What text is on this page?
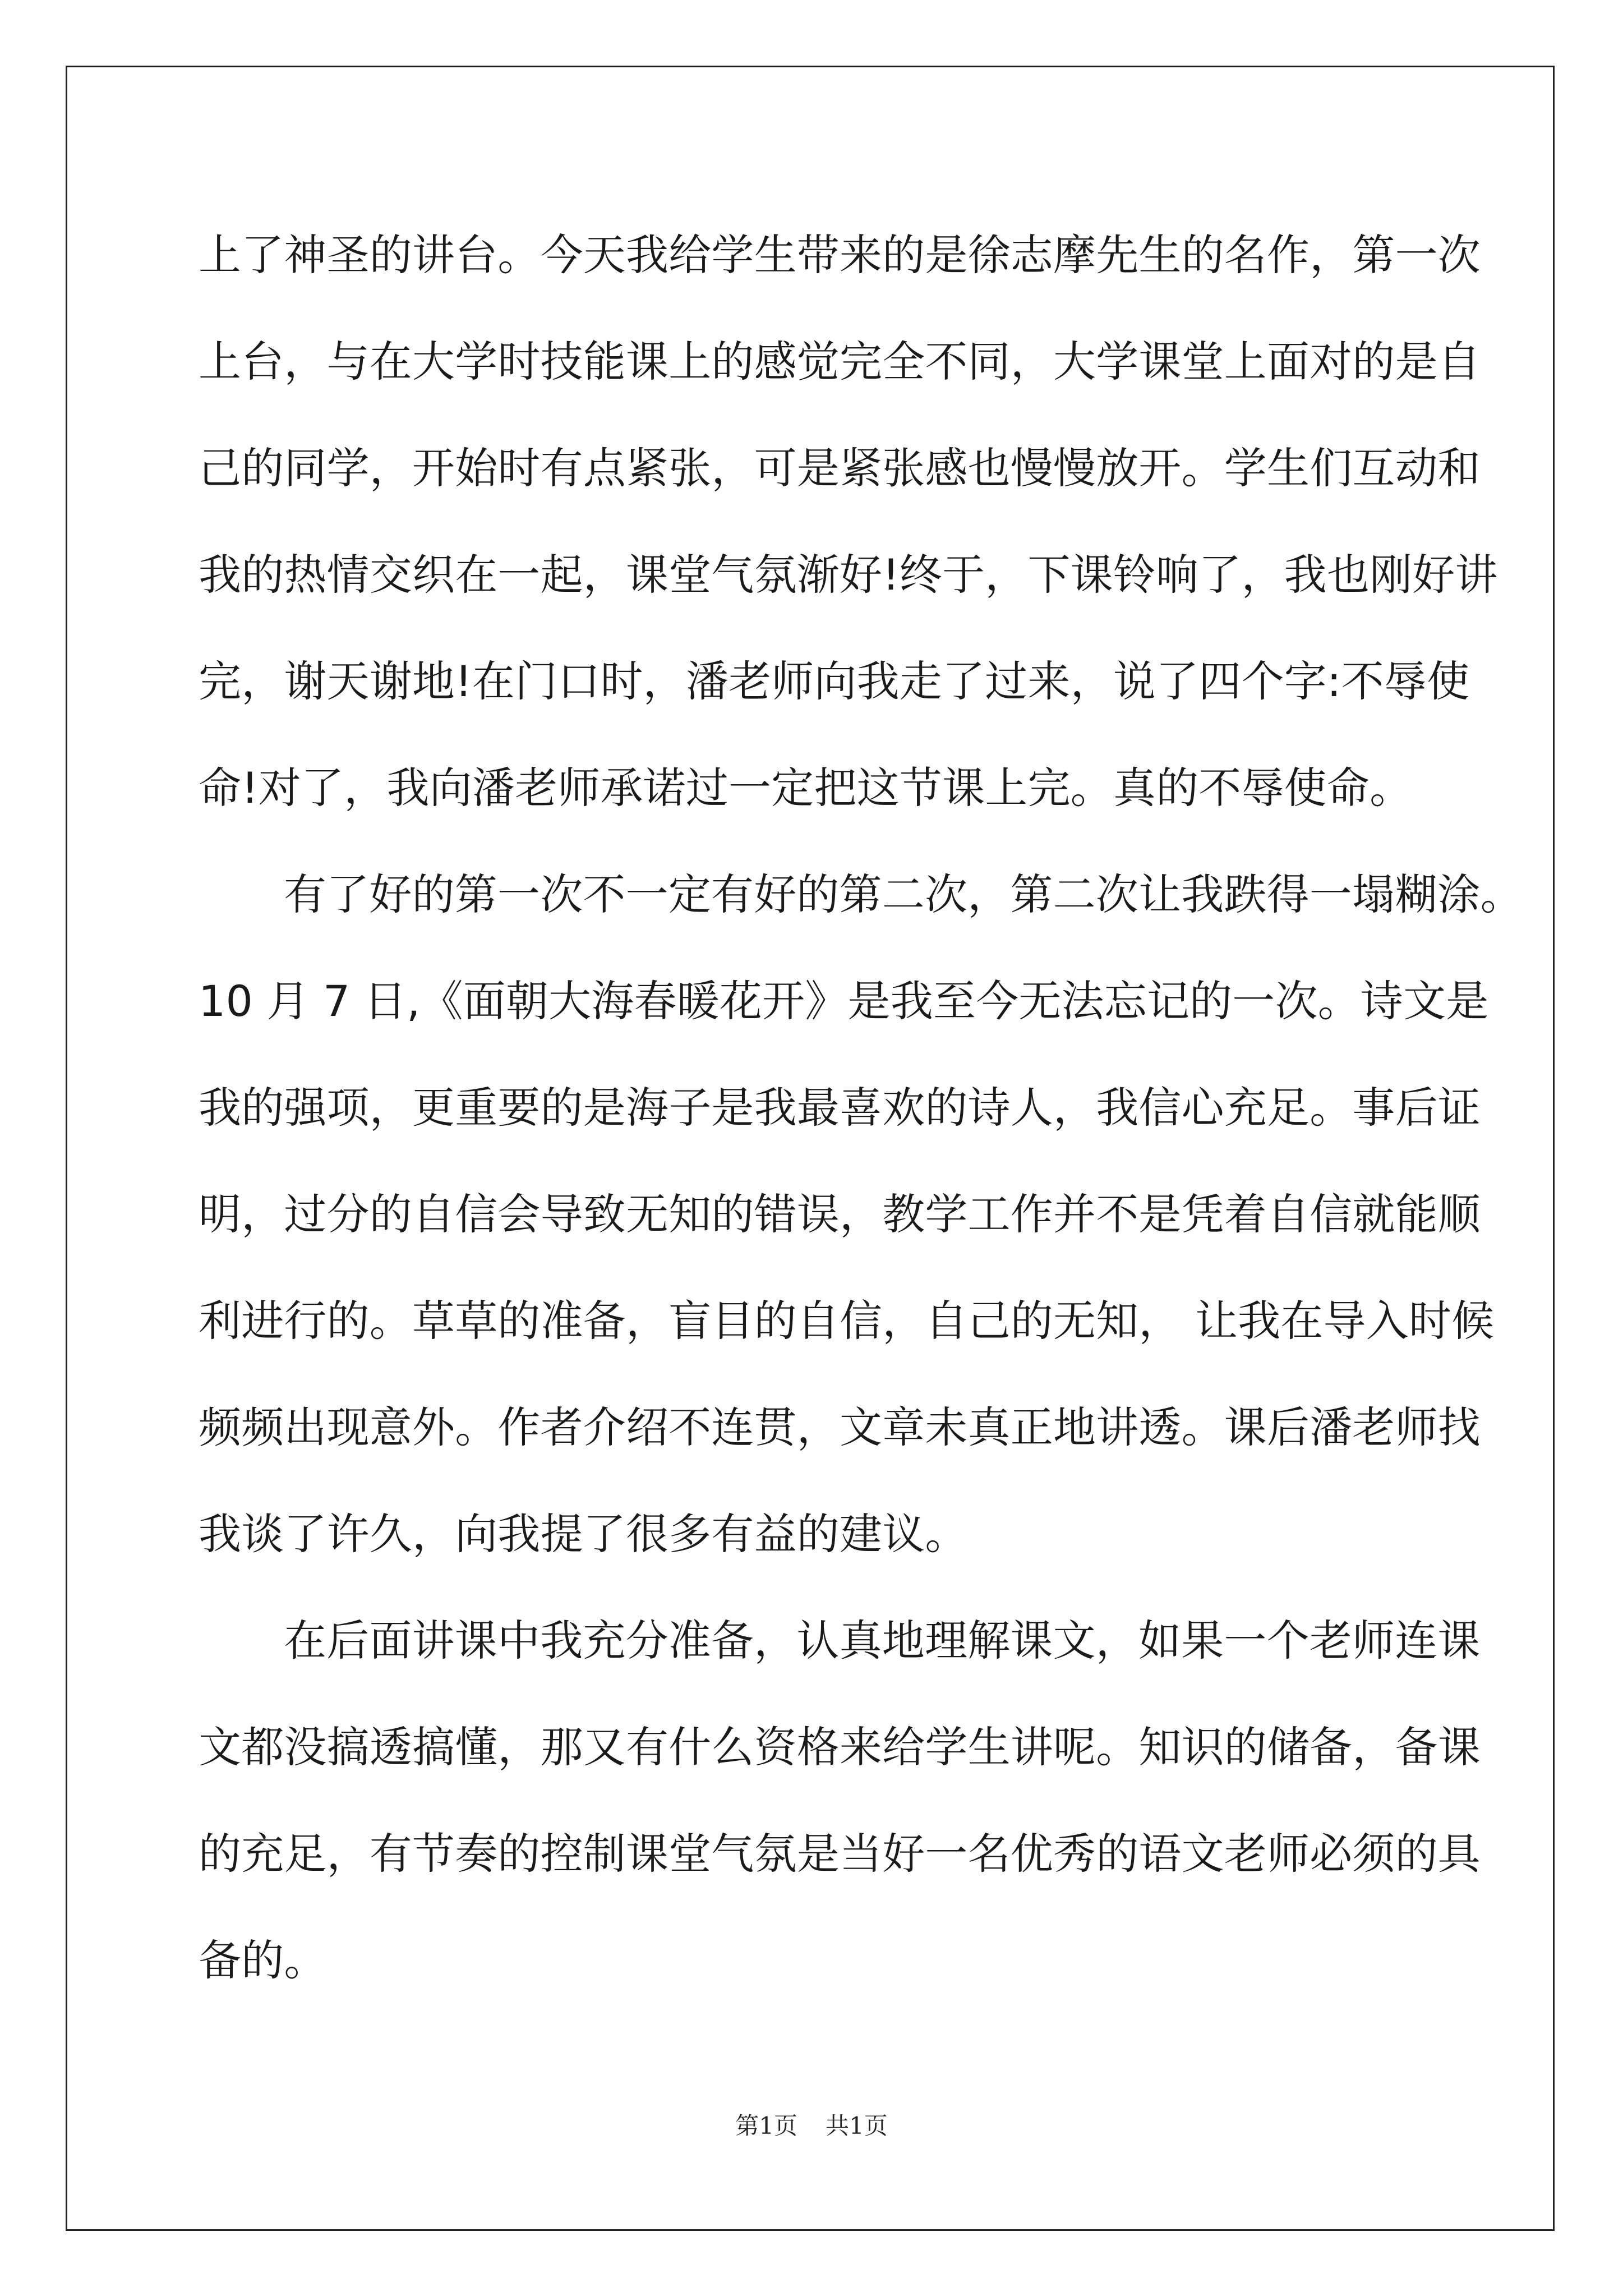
上了神圣的讲台。今天我给学生带来的是徐志摩先生的名作，第一次
上台，与在大学时技能课上的感觉完全不同，大学课堂上面对的是自
己的同学，开始时有点紧张，可是紧张感也慢慢放开。学生们互动和
我的热情交织在一起，课堂气氛渐好!终于，下课铃响了，我也刚好讲
完，谢天谢地!在门口时，潘老师向我走了过来，说了四个字:不辱使
命!对了，我向潘老师承诺过一定把这节课上完。真的不辱使命。
有了好的第一次不一定有好的第二次，第二次让我跌得一塌糊涂。
10 月 7 日,《面朝大海春暖花开》是我至今无法忘记的一次。诗文是
我的强项，更重要的是海子是我最喜欢的诗人，我信心充足。事后证
明，过分的自信会导致无知的错误，教学工作并不是凭着自信就能顺
利进行的。草草的准备，盲目的自信，自己的无知， 让我在导入时候
频频出现意外。作者介绍不连贯，文章未真正地讲透。课后潘老师找
我谈了许久，向我提了很多有益的建议。
在后面讲课中我充分准备，认真地理解课文，如果一个老师连课
文都没搞透搞懂，那又有什么资格来给学生讲呢。知识的储备，备课
的充足，有节奏的控制课堂气氛是当好一名优秀的语文老师必须的具
备的。
第1页 共1页
